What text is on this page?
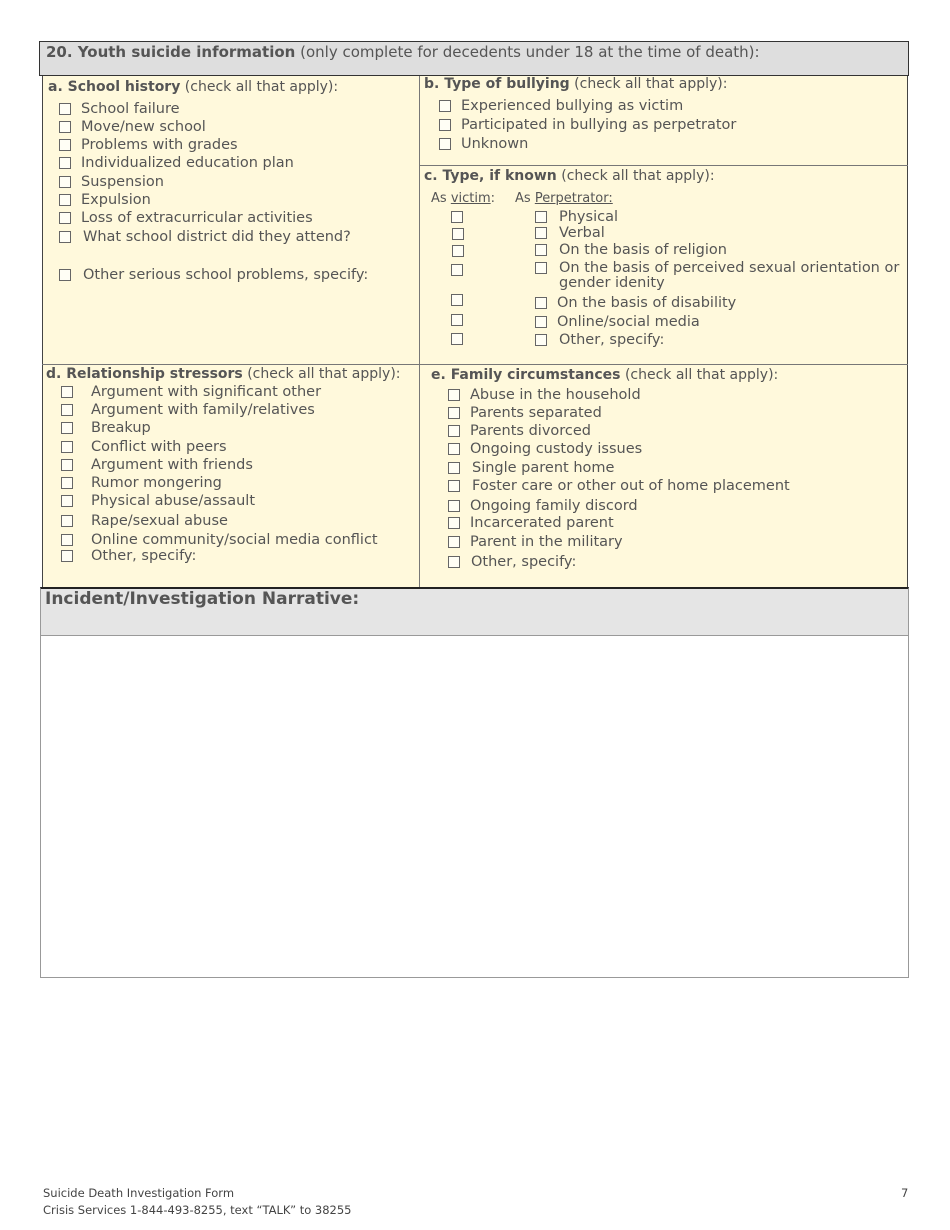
20. Youth suicide information (only complete for decedents under 18 at the time of death):
a. School history (check all that apply):
School failure
Move/new school
Problems with grades
Individualized education plan
Suspension
Expulsion
Loss of extracurricular activities
What school district did they attend?
Other serious school problems, specify:
b. Type of bullying (check all that apply):
Experienced bullying as victim
Participated in bullying as perpetrator
Unknown
c. Type, if known (check all that apply):
As victim: As Perpetrator:
Physical
Verbal
On the basis of religion
On the basis of perceived sexual orientation or
gender idenity
On the basis of disability
Online/social media
Other, specify:
d. Relationship stressors (check all that apply):
Argument with significant other
Argument with family/relatives
Breakup
Conflict with peers
Argument with friends
Rumor mongering
Physical abuse/assault
Rape/sexual abuse
Online community/social media conflict
Other, specify:
e. Family circumstances (check all that apply):
Abuse in the household
Parents separated
Parents divorced
Ongoing custody issues
Single parent home
Foster care or other out of home placement
Ongoing family discord
Incarcerated parent
Parent in the military
Other, specify:
Incident/Investigation Narrative:
Suicide Death Investigation Form
Crisis Services 1-844-493-8255, text “TALK” to 38255
7
